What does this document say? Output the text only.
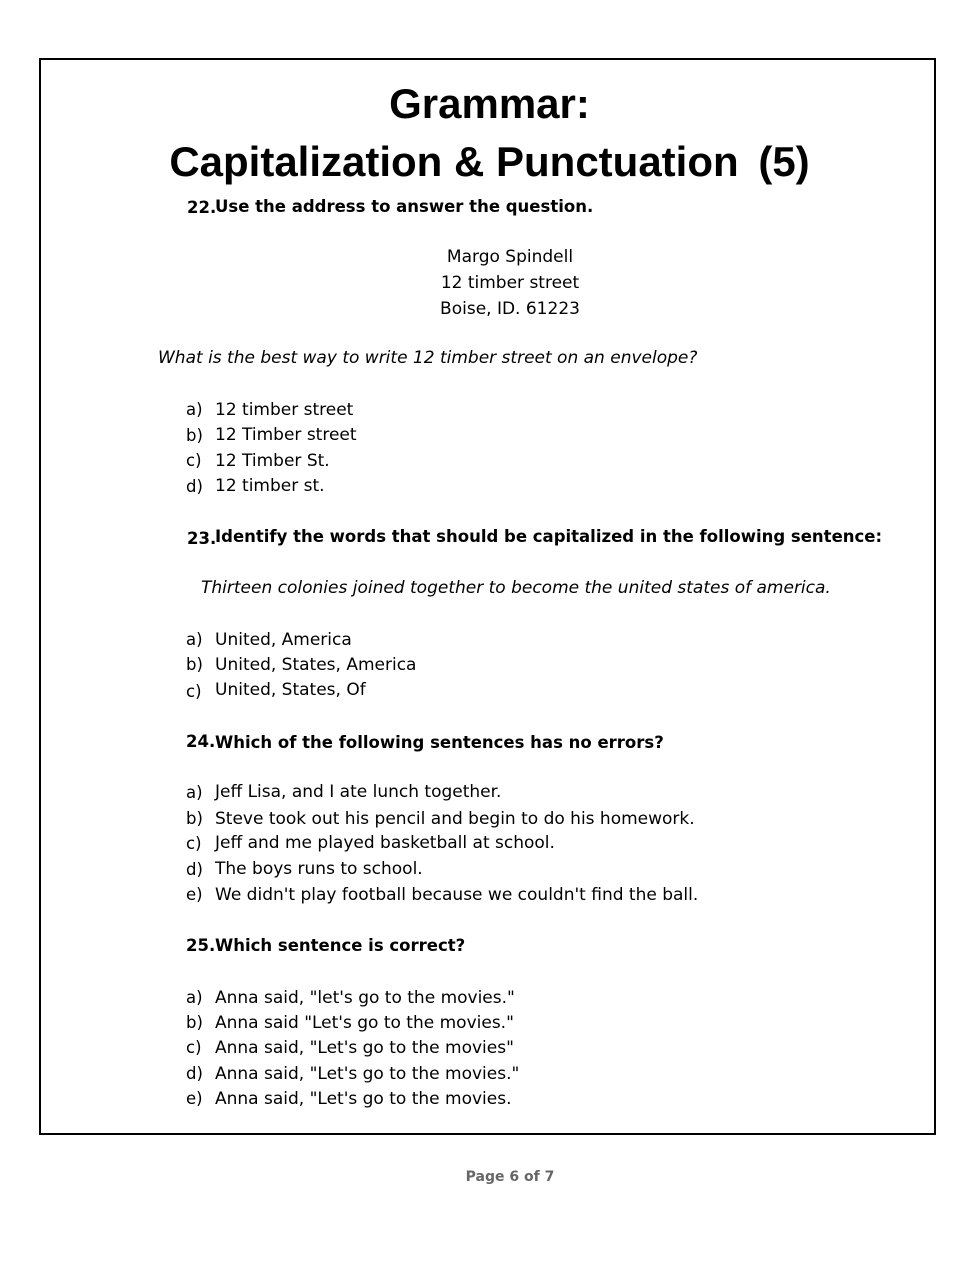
Grammar:
Capitalization & Punctuation (5)
22.
Use the address to answer the question.
Margo Spindell
12 timber street
Boise, ID. 61223
What is the best way to write 12 timber street on an envelope?
a) 12 timber street
b) 12 Timber street
c) 12 Timber St.
d) 12 timber st.
23.
Identify the words that should be capitalized in the following sentence:
Thirteen colonies joined together to become the united states of america.
a) United, America
b) United, States, America
c) United, States, Of
24. Which of the following sentences has no errors?
a) Jeff Lisa, and I ate lunch together.
b) Steve took out his pencil and begin to do his homework.
c) Jeff and me played basketball at school.
d) The boys runs to school.
e) We didn't play football because we couldn't find the ball.
25. Which sentence is correct?
a) Anna said, "let's go to the movies."
b) Anna said "Let's go to the movies."
c) Anna said, "Let's go to the movies"
d) Anna said, "Let's go to the movies."
e) Anna said, "Let's go to the movies.
Page 6 of 7
